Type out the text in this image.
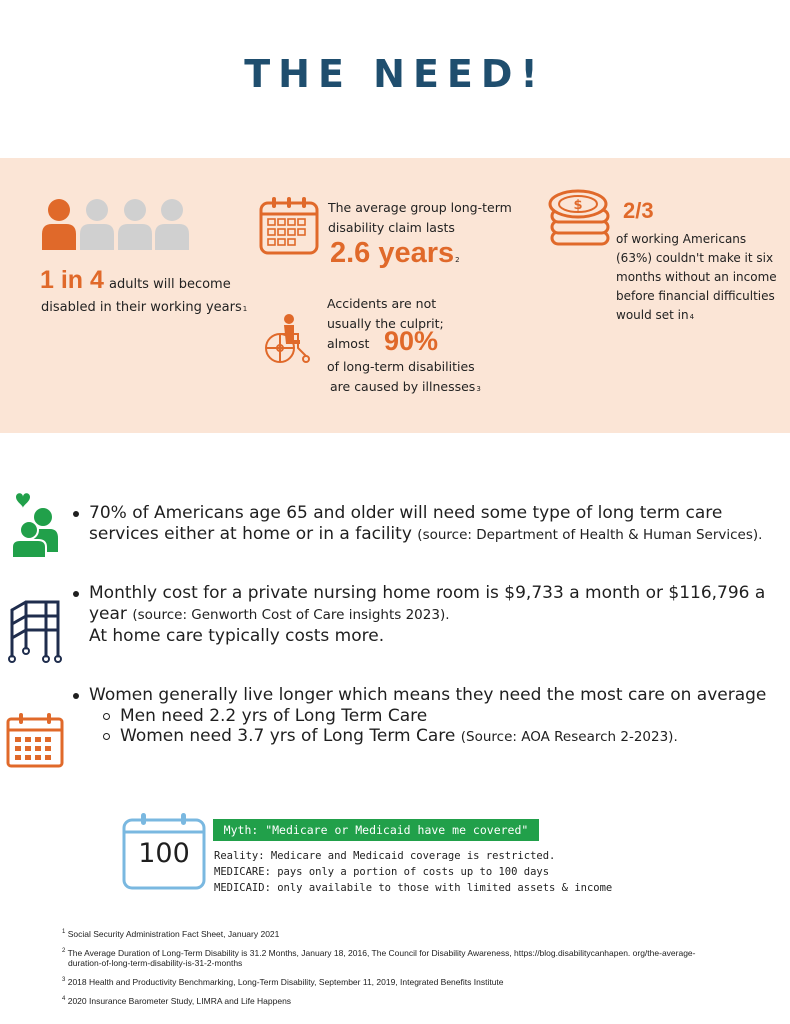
THE NEED!
1 in 4 adults will become
disabled in their working years1
The average group long-term
disability claim lasts
2.6 years2
Accidents are not
usually the culprit;
almost 90%
of long-term disabilities
are caused by illnesses3
$ 2/3
of working Americans
(63%) couldn't make it six
months without an income
before financial difficulties
would set in4
70% of Americans age 65 and older will need some type of long term care
services either at home or in a facility (source: Department of Health & Human Services).
Monthly cost for a private nursing home room is $9,733 a month or $116,796 a
year (source: Genworth Cost of Care insights 2023).
At home care typically costs more.
Women generally live longer which means they need the most care on average
Men need 2.2 yrs of Long Term Care
Women need 3.7 yrs of Long Term Care (Source: AOA Research 2-2023).
100
Myth: "Medicare or Medicaid have me covered"
Reality: Medicare and Medicaid coverage is restricted.
MEDICARE: pays only a portion of costs up to 100 days
MEDICAID: only availabile to those with limited assets & income
$^1$ Social Security Administration Fact Sheet, January 2021
$^2$ The Average Duration of Long-Term Disability is 31.2 Months, January 18, 2016, The Council for Disability Awareness, https://blog.disabilitycanhapen. org/the-average-
duration-of-long-term-disability-is-31-2-months
$^3$ 2018 Health and Productivity Benchmarking, Long-Term Disability, September 11, 2019, Integrated Benefits Institute
$^4$ 2020 Insurance Barometer Study, LIMRA and Life Happens
